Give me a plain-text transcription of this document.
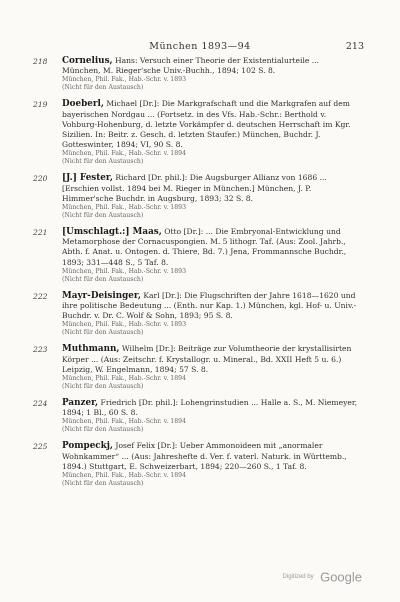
München 1893—94	213
218 Cornelius, Hans: Versuch einer Theorie der Existentialurteile ... München, M. Rieger'sche Univ.-Buchh., 1894; 102 S. 8.
München, Phil. Fak., Hab.-Schr. v. 1893
(Nicht für den Austausch)
219 Doeberl, Michael [Dr.]: Die Markgrafschaft und die Markgrafen auf dem bayerischen Nordgau ... (Fortsetz. in des Vfs. Hab.-Schr.: Berthold v. Vohburg-Hohenburg, d. letzte Vorkämpfer d. deutschen Herrschaft im Kgr. Sizilien. In: Beitr. z. Gesch. d. letzten Staufer.) München, Buchdr. J. Gotteswinter, 1894; VI, 90 S. 8.
München, Phil. Fak., Hab.-Schr. v. 1894
(Nicht für den Austausch)
220 [J.] Fester, Richard [Dr. phil.]: Die Augsburger Allianz von 1686 ... [Erschien vollst. 1894 bei M. Rieger in München.] München, J. P. Himmer'sche Buchdr. in Augsburg, 1893; 32 S. 8.
München, Phil. Fak., Hab.-Schr. v. 1893
(Nicht für den Austausch)
221 [Umschlagt.:] Maas, Otto [Dr.]: ... Die Embryonal-Entwicklung und Metamorphose der Cornacuspongien. M. 5 lithogr. Taf. (Aus: Zool. Jahrb., Abth. f. Anat. u. Ontogen. d. Thiere, Bd. 7.) Jena, Frommannsche Buchdr., 1893; 331—448 S., 5 Taf. 8.
München, Phil. Fak., Hab.-Schr. v. 1893
(Nicht für den Austausch)
222 Mayr-Deisinger, Karl [Dr.]: Die Flugschriften der Jahre 1618—1620 und ihre politische Bedeutung ... (Enth. nur Kap. 1.) München, kgl. Hof- u. Univ.-Buchdr. v. Dr. C. Wolf & Sohn, 1893; 95 S. 8.
München, Phil. Fak., Hab.-Schr. v. 1893
(Nicht für den Austausch)
223 Muthmann, Wilhelm [Dr.]: Beiträge zur Volumtheorie der krystallisirten Körper ... (Aus: Zeitschr. f. Krystallogr. u. Mineral., Bd. XXII Heft 5 u. 6.) Leipzig, W. Engelmann, 1894; 57 S. 8.
München, Phil. Fak., Hab.-Schr. v. 1894
(Nicht für den Austausch)
224 Panzer, Friedrich [Dr. phil.]: Lohengrinstudien ... Halle a. S., M. Niemeyer, 1894; 1 Bl., 60 S. 8.
München, Phil. Fak., Hab.-Schr. v. 1894
(Nicht für den Austausch)
225 Pompeckj, Josef Felix [Dr.]: Ueber Ammonoideen mit „anormaler Wohnkammer“ ... (Aus: Jahreshefte d. Ver. f. vaterl. Naturk. in Württemb., 1894.) Stuttgart, E. Schweizerbart, 1894; 220—260 S., 1 Taf. 8.
München, Phil. Fak., Hab.-Schr. v. 1894
(Nicht für den Austausch)
Digitized by Google
